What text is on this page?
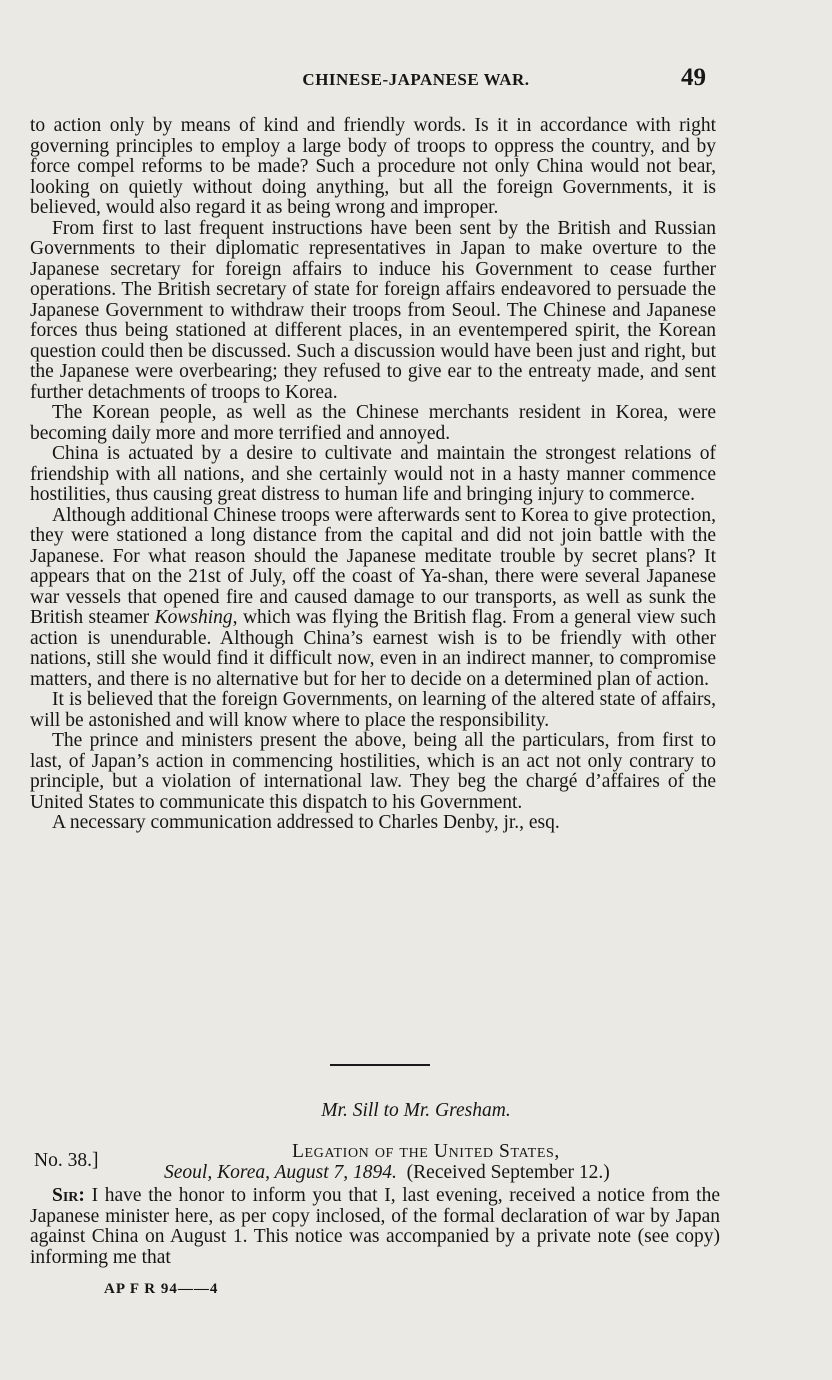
CHINESE-JAPANESE WAR.	49

to action only by means of kind and friendly words. Is it in accordance with right governing principles to employ a large body of troops to oppress the country, and by force compel reforms to be made? Such a procedure not only China would not bear, looking on quietly without doing anything, but all the foreign Governments, it is believed, would also regard it as being wrong and improper.

From first to last frequent instructions have been sent by the British and Russian Governments to their diplomatic representatives in Japan to make overture to the Japanese secretary for foreign affairs to induce his Government to cease further operations. The British secretary of state for foreign affairs endeavored to persuade the Japanese Government to withdraw their troops from Seoul. The Chinese and Japanese forces thus being stationed at different places, in an eventempered spirit, the Korean question could then be discussed. Such a discussion would have been just and right, but the Japanese were overbearing; they refused to give ear to the entreaty made, and sent further detachments of troops to Korea.

The Korean people, as well as the Chinese merchants resident in Korea, were becoming daily more and more terrified and annoyed.

China is actuated by a desire to cultivate and maintain the strongest relations of friendship with all nations, and she certainly would not in a hasty manner commence hostilities, thus causing great distress to human life and bringing injury to commerce.

Although additional Chinese troops were afterwards sent to Korea to give protection, they were stationed a long distance from the capital and did not join battle with the Japanese. For what reason should the Japanese meditate trouble by secret plans? It appears that on the 21st of July, off the coast of Ya-shan, there were several Japanese war vessels that opened fire and caused damage to our transports, as well as sunk the British steamer Kowshing, which was flying the British flag. From a general view such action is unendurable. Although China’s earnest wish is to be friendly with other nations, still she would find it difficult now, even in an indirect manner, to compromise matters, and there is no alternative but for her to decide on a determined plan of action.

It is believed that the foreign Governments, on learning of the altered state of affairs, will be astonished and will know where to place the responsibility.

The prince and ministers present the above, being all the particulars, from first to last, of Japan’s action in commencing hostilities, which is an act not only contrary to principle, but a violation of international law. They beg the chargé d’affaires of the United States to communicate this dispatch to his Government.

A necessary communication addressed to Charles Denby, jr., esq.

Mr. Sill to Mr. Gresham.
No. 38.]	Legation of the United States,
Seoul, Korea, August 7, 1894. (Received September 12.)
Sir: I have the honor to inform you that I, last evening, received a notice from the Japanese minister here, as per copy inclosed, of the formal declaration of war by Japan against China on August 1. This notice was accompanied by a private note (see copy) informing me that
AP F R 94——4
